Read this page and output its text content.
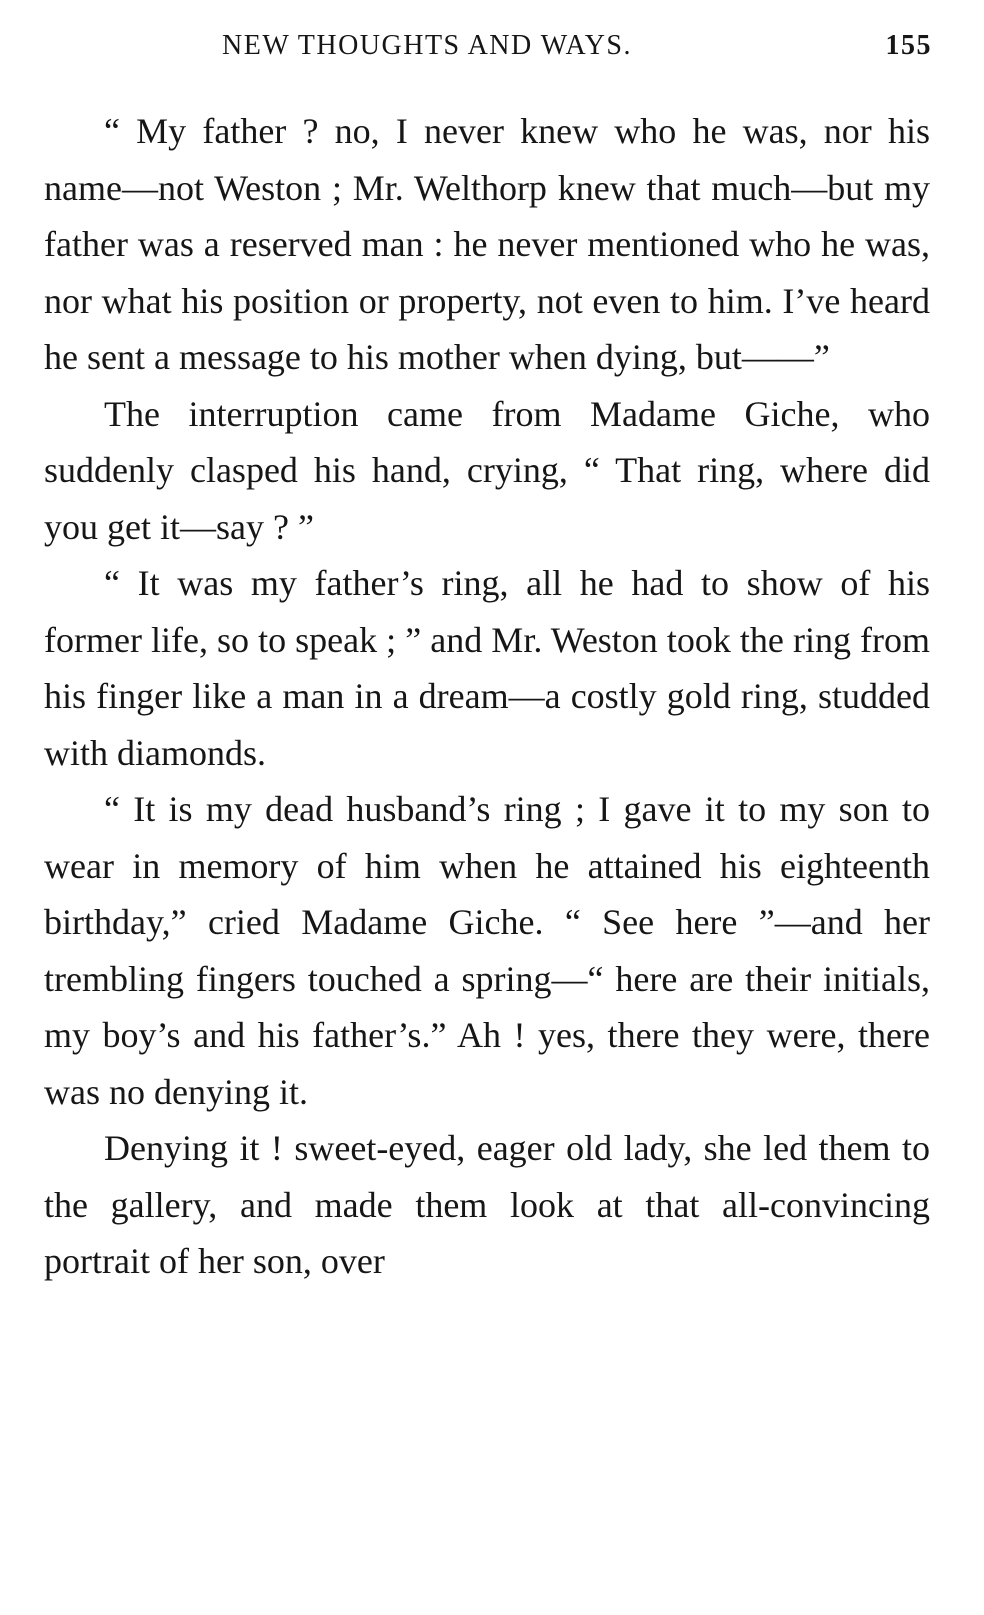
NEW THOUGHTS AND WAYS.	155

“ My father ? no, I never knew who he was, nor his name—not Weston ; Mr. Welthorp knew that much—but my father was a reserved man : he never mentioned who he was, nor what his position or property, not even to him. I’ve heard he sent a message to his mother when dying, but——”

The interruption came from Madame Giche, who suddenly clasped his hand, crying, “ That ring, where did you get it—say ? ”

“ It was my father’s ring, all he had to show of his former life, so to speak ; ” and Mr. Weston took the ring from his finger like a man in a dream—a costly gold ring, studded with diamonds.

“ It is my dead husband’s ring ; I gave it to my son to wear in memory of him when he attained his eighteenth birthday,” cried Madame Giche. “ See here ”—and her trembling fingers touched a spring—“ here are their initials, my boy’s and his father’s.” Ah ! yes, there they were, there was no denying it.

Denying it ! sweet-eyed, eager old lady, she led them to the gallery, and made them look at that all-convincing portrait of her son, over
